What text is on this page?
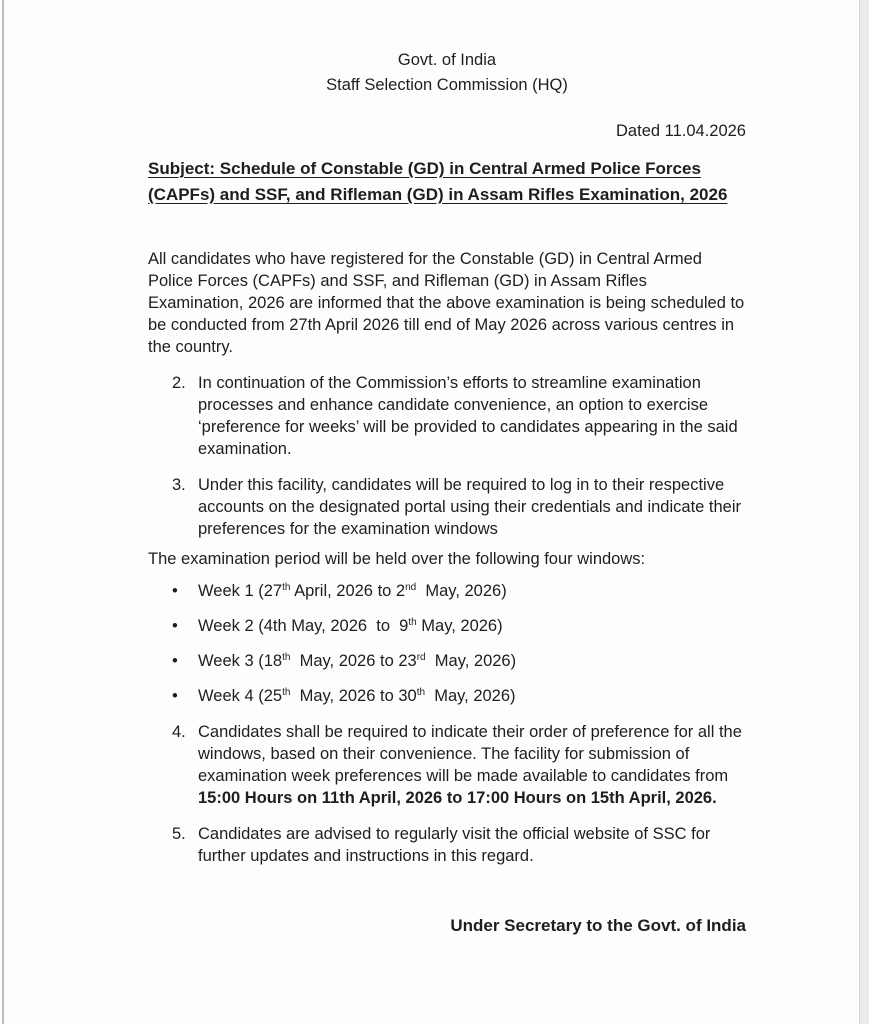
Govt. of India
Staff Selection Commission (HQ)
Dated 11.04.2026
Subject: Schedule of Constable (GD) in Central Armed Police Forces
(CAPFs) and SSF, and Rifleman (GD) in Assam Rifles Examination, 2026

All candidates who have registered for the Constable (GD) in Central Armed Police Forces (CAPFs) and SSF, and Rifleman (GD) in Assam Rifles Examination, 2026 are informed that the above examination is being scheduled to be conducted from 27th April 2026 till end of May 2026 across various centres in the country.

2. In continuation of the Commission’s efforts to streamline examination processes and enhance candidate convenience, an option to exercise ‘preference for weeks’ will be provided to candidates appearing in the said examination.
3. Under this facility, candidates will be required to log in to their respective accounts on the designated portal using their credentials and indicate their preferences for the examination windows

The examination period will be held over the following four windows:

•	Week 1 (27th April, 2026 to 2nd  May, 2026)
•	Week 2 (4th May, 2026  to  9th May, 2026)
•	Week 3 (18th  May, 2026 to 23rd  May, 2026)
•	Week 4 (25th  May, 2026 to 30th  May, 2026)
4. Candidates shall be required to indicate their order of preference for all the windows, based on their convenience. The facility for submission of examination week preferences will be made available to candidates from 15:00 Hours on 11th April, 2026 to 17:00 Hours on 15th April, 2026.
5. Candidates are advised to regularly visit the official website of SSC for further updates and instructions in this regard.
Under Secretary to the Govt. of India
